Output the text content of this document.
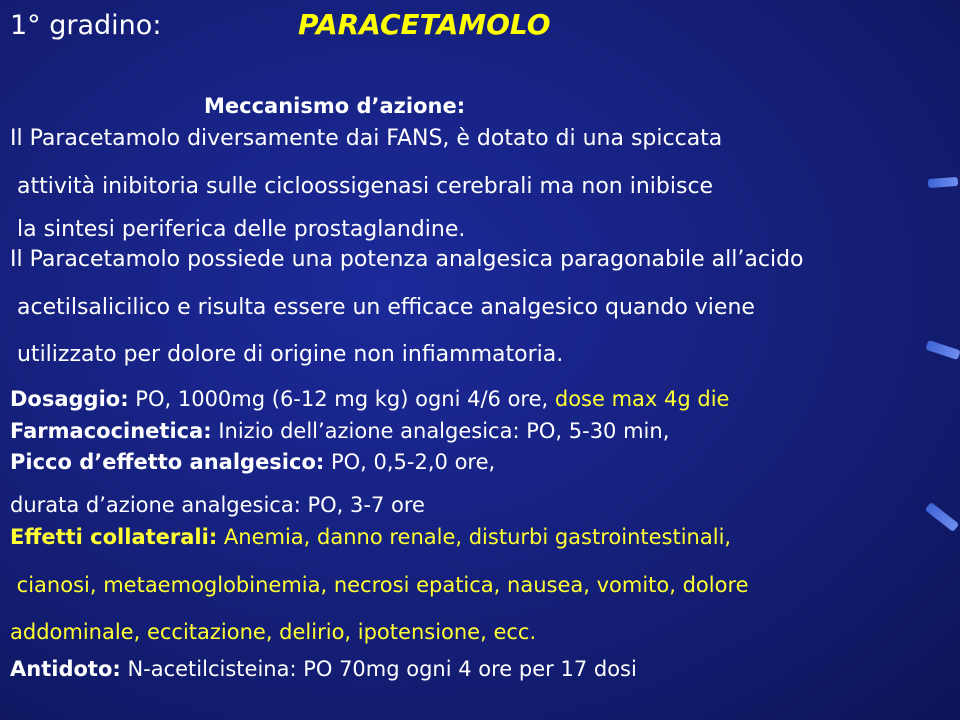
1° gradino:	PARACETAMOLO
Meccanismo d’azione:
Il Paracetamolo diversamente dai FANS, è dotato di una spiccata
attività inibitoria sulle cicloossigenasi cerebrali ma non inibisce
la sintesi periferica delle prostaglandine.
Il Paracetamolo possiede una potenza analgesica paragonabile all’acido
acetilsalicilico e risulta essere un efficace analgesico quando viene
utilizzato per dolore di origine non infiammatoria.
Dosaggio: PO, 1000mg (6-12 mg kg) ogni 4/6 ore, dose max 4g die
Farmacocinetica: Inizio dell’azione analgesica: PO, 5-30 min,
Picco d’effetto analgesico: PO, 0,5-2,0 ore,
durata d’azione analgesica: PO, 3-7 ore
Effetti collaterali: Anemia, danno renale, disturbi gastrointestinali,
cianosi, metaemoglobinemia, necrosi epatica, nausea, vomito, dolore
addominale, eccitazione, delirio, ipotensione, ecc.
Antidoto: N-acetilcisteina: PO 70mg ogni 4 ore per 17 dosi
